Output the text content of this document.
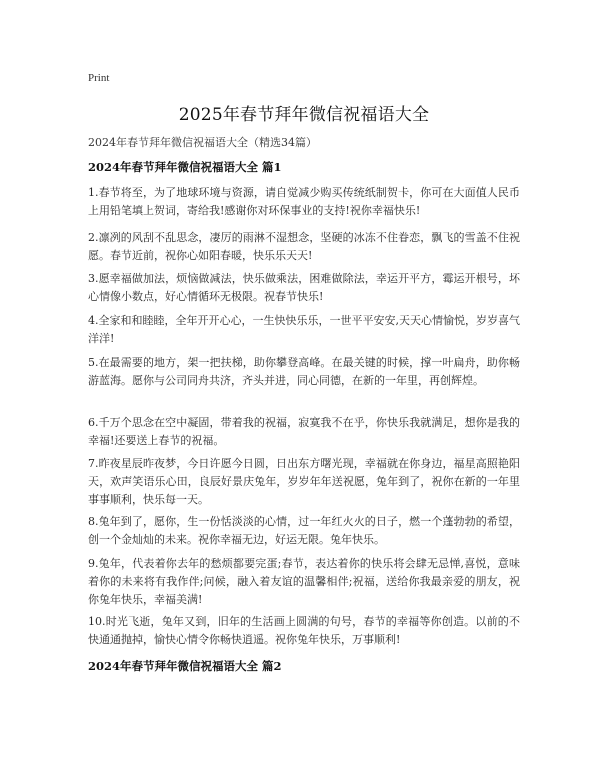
Print
2025年春节拜年微信祝福语大全
2024年春节拜年微信祝福语大全（精选34篇）
2024年春节拜年微信祝福语大全 篇1

1.春节将至，为了地球环境与资源，请自觉减少购买传统纸制贺卡，你可在大面值人民币上用铅笔填上贺词，寄给我!感谢你对环保事业的支持!祝你幸福快乐!

2.凛冽的风刮不乱思念，凄厉的雨淋不湿想念，坚硬的冰冻不住眷恋，飘飞的雪盖不住祝愿。春节近前，祝你心如阳春暖，快乐乐天天!

3.愿幸福做加法，烦恼做减法，快乐做乘法，困难做除法，幸运开平方，霉运开根号，坏心情像小数点，好心情循环无极限。祝春节快乐!

4.全家和和睦睦，全年开开心心，一生快快乐乐，一世平平安安,天天心情愉悦，岁岁喜气洋洋!

5.在最需要的地方，架一把扶梯，助你攀登高峰。在最关键的时候，撑一叶扁舟，助你畅游蓝海。愿你与公司同舟共济，齐头并进，同心同德，在新的一年里，再创辉煌。

6.千万个思念在空中凝固，带着我的祝福，寂寞我不在乎，你快乐我就满足，想你是我的幸福!还要送上春节的祝福。

7.昨夜星辰昨夜梦，今日许愿今日圆，日出东方曙光现，幸福就在你身边，福星高照艳阳天，欢声笑语乐心田，良辰好景庆兔年，岁岁年年送祝愿，兔年到了，祝你在新的一年里事事顺利，快乐每一天。

8.兔年到了，愿你，生一份恬淡淡的心情，过一年红火火的日子，燃一个蓬勃勃的希望，创一个金灿灿的未来。祝你幸福无边，好运无限。兔年快乐。

9.兔年，代表着你去年的愁烦都要完蛋;春节，表达着你的快乐将会肆无忌惮,喜悦，意味着你的未来将有我作伴;问候，融入着友谊的温馨相伴;祝福，送给你我最亲爱的朋友，祝你兔年快乐，幸福美满!

10.时光飞逝，兔年又到，旧年的生活画上圆满的句号，春节的幸福等你创造。以前的不快通通抛掉，愉快心情令你畅快逍遥。祝你兔年快乐，万事顺利!

2024年春节拜年微信祝福语大全 篇2
